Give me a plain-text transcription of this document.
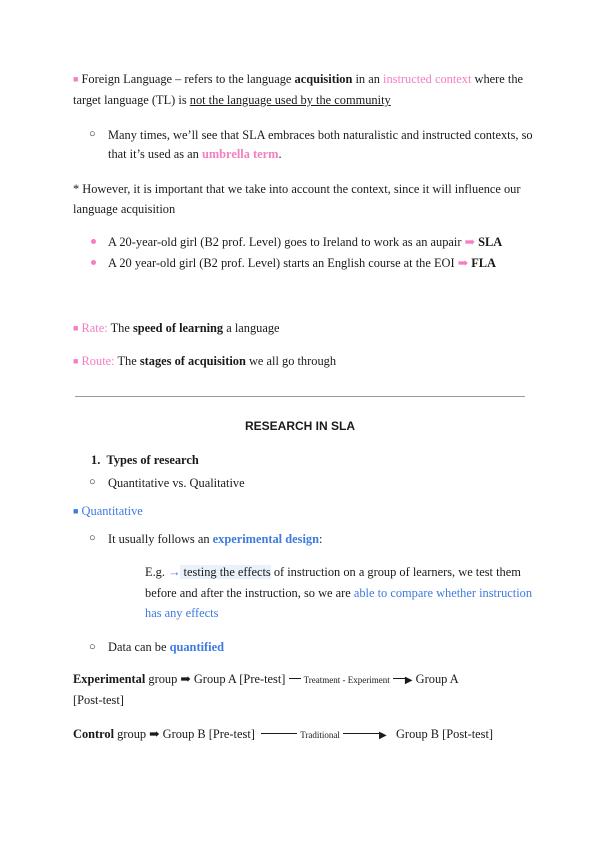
■ Foreign Language – refers to the language acquisition in an instructed context where the
target language (TL) is not the language used by the community
○ Many times, we’ll see that SLA embraces both naturalistic and instructed contexts, so
that it’s used as an umbrella term.
* However, it is important that we take into account the context, since it will influence our
language acquisition
A 20-year-old girl (B2 prof. Level) goes to Ireland to work as an aupair ➡ SLA
A 20 year-old girl (B2 prof. Level) starts an English course at the EOI ➡ FLA
■ Rate: The speed of learning a language
■ Route: The stages of acquisition we all go through
RESEARCH IN SLA
1. Types of research
○ Quantitative vs. Qualitative
■ Quantitative
○ It usually follows an experimental design:
E.g. → testing the effects of instruction on a group of learners, we test them
before and after the instruction, so we are able to compare whether instruction
has any effects
○ Data can be quantified
Experimental group ➡ Group A [Pre-test]  Treatment - Experiment ▶ Group A
[Post-test]
Control group ➡ Group B [Pre-test]	Traditional	▶   Group B [Post-test]
